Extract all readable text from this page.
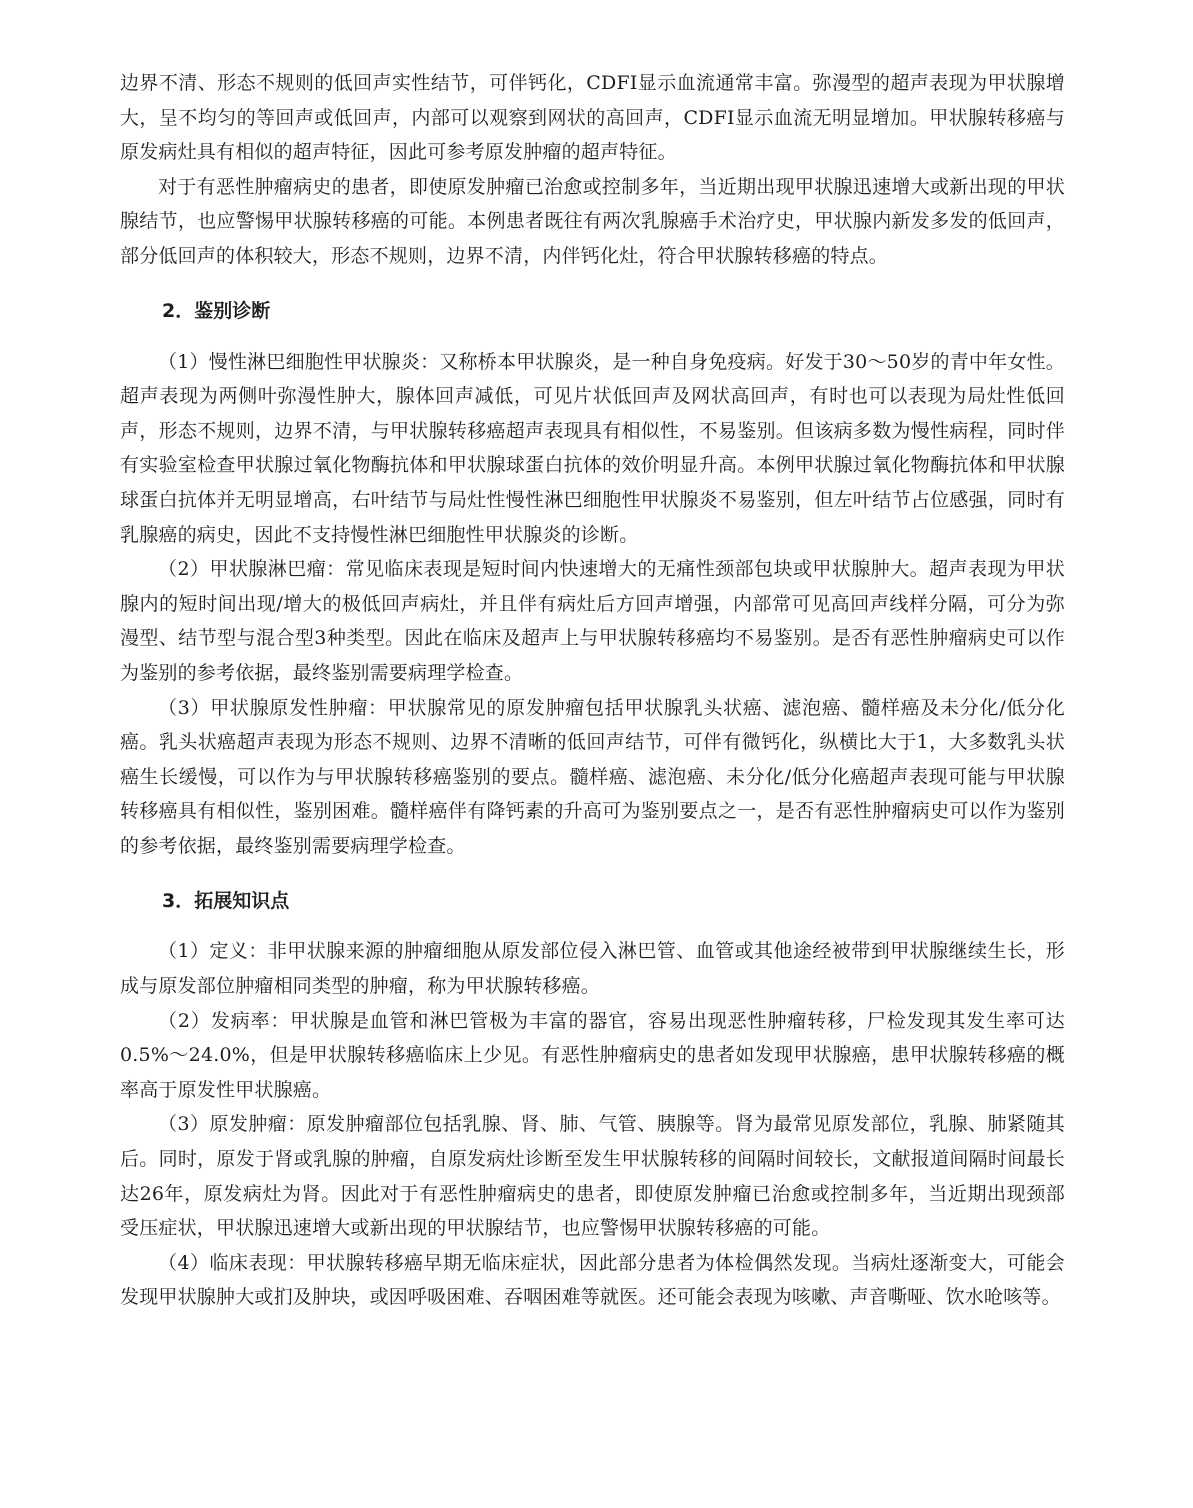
边界不清、形态不规则的低回声实性结节，可伴钙化，CDFI显示血流通常丰富。弥漫型的超声表现为甲状腺增大，呈不均匀的等回声或低回声，内部可以观察到网状的高回声，CDFI显示血流无明显增加。甲状腺转移癌与原发病灶具有相似的超声特征，因此可参考原发肿瘤的超声特征。

对于有恶性肿瘤病史的患者，即使原发肿瘤已治愈或控制多年，当近期出现甲状腺迅速增大或新出现的甲状腺结节，也应警惕甲状腺转移癌的可能。本例患者既往有两次乳腺癌手术治疗史，甲状腺内新发多发的低回声，部分低回声的体积较大，形态不规则，边界不清，内伴钙化灶，符合甲状腺转移癌的特点。

2．鉴别诊断

（1）慢性淋巴细胞性甲状腺炎：又称桥本甲状腺炎，是一种自身免疫病。好发于30～50岁的青中年女性。超声表现为两侧叶弥漫性肿大，腺体回声减低，可见片状低回声及网状高回声，有时也可以表现为局灶性低回声，形态不规则，边界不清，与甲状腺转移癌超声表现具有相似性，不易鉴别。但该病多数为慢性病程，同时伴有实验室检查甲状腺过氧化物酶抗体和甲状腺球蛋白抗体的效价明显升高。本例甲状腺过氧化物酶抗体和甲状腺球蛋白抗体并无明显增高，右叶结节与局灶性慢性淋巴细胞性甲状腺炎不易鉴别，但左叶结节占位感强，同时有乳腺癌的病史，因此不支持慢性淋巴细胞性甲状腺炎的诊断。

（2）甲状腺淋巴瘤：常见临床表现是短时间内快速增大的无痛性颈部包块或甲状腺肿大。超声表现为甲状腺内的短时间出现/增大的极低回声病灶，并且伴有病灶后方回声增强，内部常可见高回声线样分隔，可分为弥漫型、结节型与混合型3种类型。因此在临床及超声上与甲状腺转移癌均不易鉴别。是否有恶性肿瘤病史可以作为鉴别的参考依据，最终鉴别需要病理学检查。

（3）甲状腺原发性肿瘤：甲状腺常见的原发肿瘤包括甲状腺乳头状癌、滤泡癌、髓样癌及未分化/低分化癌。乳头状癌超声表现为形态不规则、边界不清晰的低回声结节，可伴有微钙化，纵横比大于1，大多数乳头状癌生长缓慢，可以作为与甲状腺转移癌鉴别的要点。髓样癌、滤泡癌、未分化/低分化癌超声表现可能与甲状腺转移癌具有相似性，鉴别困难。髓样癌伴有降钙素的升高可为鉴别要点之一，是否有恶性肿瘤病史可以作为鉴别的参考依据，最终鉴别需要病理学检查。

3．拓展知识点

（1）定义：非甲状腺来源的肿瘤细胞从原发部位侵入淋巴管、血管或其他途经被带到甲状腺继续生长，形成与原发部位肿瘤相同类型的肿瘤，称为甲状腺转移癌。

（2）发病率：甲状腺是血管和淋巴管极为丰富的器官，容易出现恶性肿瘤转移，尸检发现其发生率可达0.5%～24.0%，但是甲状腺转移癌临床上少见。有恶性肿瘤病史的患者如发现甲状腺癌，患甲状腺转移癌的概率高于原发性甲状腺癌。

（3）原发肿瘤：原发肿瘤部位包括乳腺、肾、肺、气管、胰腺等。肾为最常见原发部位，乳腺、肺紧随其后。同时，原发于肾或乳腺的肿瘤，自原发病灶诊断至发生甲状腺转移的间隔时间较长，文献报道间隔时间最长达26年，原发病灶为肾。因此对于有恶性肿瘤病史的患者，即使原发肿瘤已治愈或控制多年，当近期出现颈部受压症状，甲状腺迅速增大或新出现的甲状腺结节，也应警惕甲状腺转移癌的可能。

（4）临床表现：甲状腺转移癌早期无临床症状，因此部分患者为体检偶然发现。当病灶逐渐变大，可能会发现甲状腺肿大或扪及肿块，或因呼吸困难、吞咽困难等就医。还可能会表现为咳嗽、声音嘶哑、饮水呛咳等。
